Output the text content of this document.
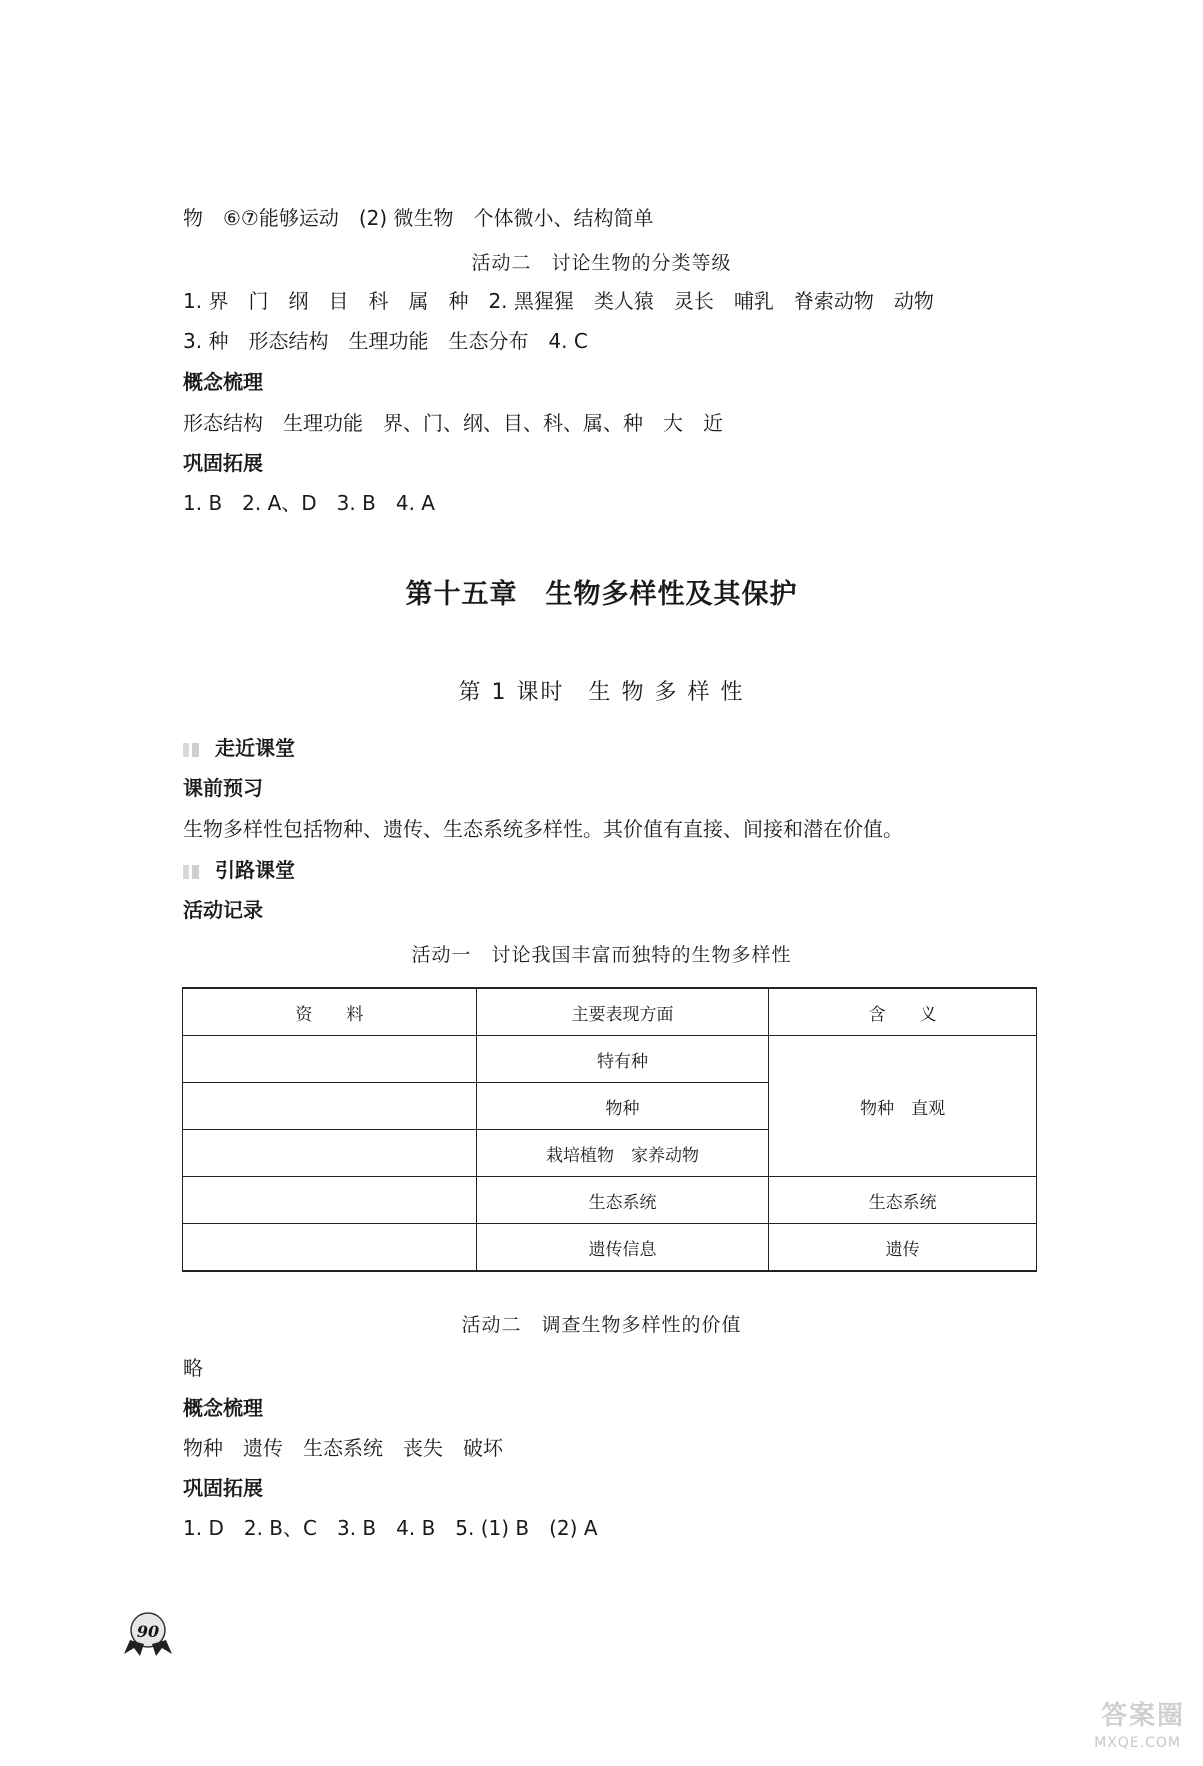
物　⑥⑦能够运动　(2) 微生物　个体微小、结构简单
活动二　讨论生物的分类等级
1. 界　门　纲　目　科　属　种　2. 黑猩猩　类人猿　灵长　哺乳　脊索动物　动物
3. 种　形态结构　生理功能　生态分布　4. C
概念梳理
形态结构　生理功能　界、门、纲、目、科、属、种　大　近
巩固拓展
1. B　2. A、D　3. B　4. A
第十五章　生物多样性及其保护
第 1 课时　生 物 多 样 性
走近课堂
课前预习
生物多样性包括物种、遗传、生态系统多样性。其价值有直接、间接和潜在价值。
引路课堂
活动记录
活动一　讨论我国丰富而独特的生物多样性
资　　料	主要表现方面	含　　义
	特有种	物种　直观
	物种	
	栽培植物　家养动物	
	生态系统	生态系统
	遗传信息	遗传
活动二　调查生物多样性的价值
略
概念梳理
物种　遗传　生态系统　丧失　破坏
巩固拓展
1. D　2. B、C　3. B　4. B　5. (1) B　(2) A
90
答案圈
MXQE.COM
